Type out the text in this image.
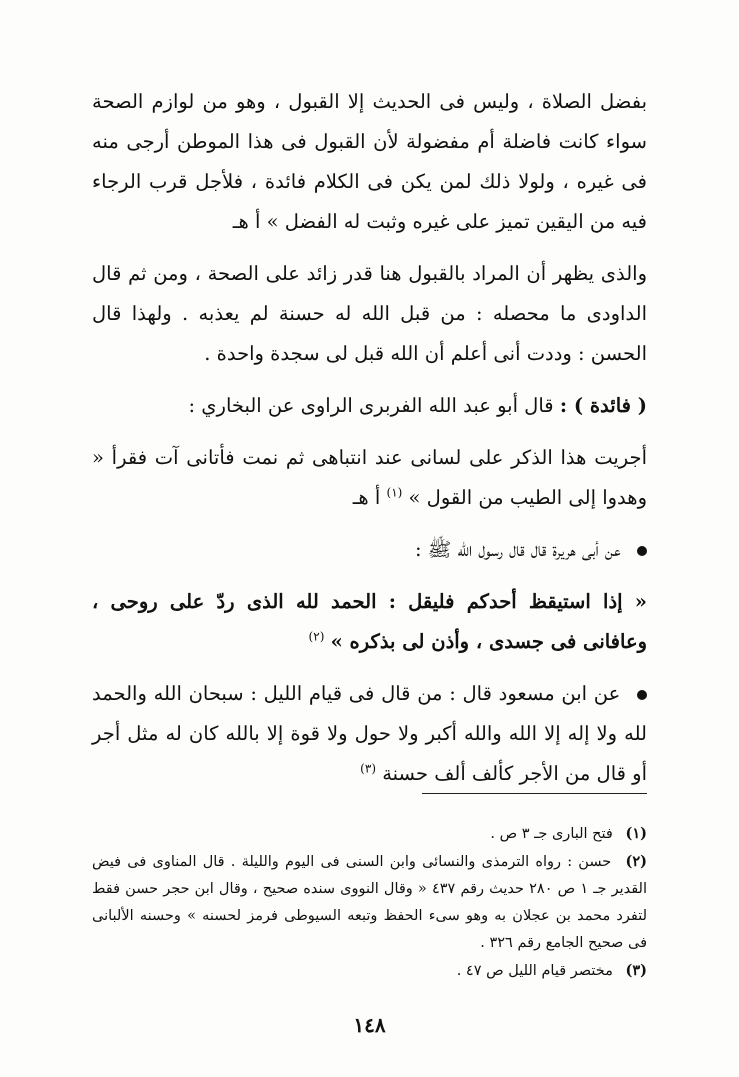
بفضل الصلاة ، وليس فى الحديث إلا القبول ، وهو من لوازم الصحة سواء كانت فاضلة أم مفضولة لأن القبول فى هذا الموطن أرجى منه فى غيره ، ولولا ذلك لمن يكن فى الكلام فائدة ، فلأجل قرب الرجاء فيه من اليقين تميز على غيره وثبت له الفضل » أ هـ

والذى يظهر أن المراد بالقبول هنا قدر زائد على الصحة ، ومن ثم قال الداودى ما محصله : من قبل الله له حسنة لم يعذبه . ولهذا قال الحسن : وددت أنى أعلم أن الله قبل لى سجدة واحدة .

( فائدة ) : قال أبو عبد الله الفربرى الراوى عن البخاري :

أجريت هذا الذكر على لسانى عند انتباهى ثم نمت فأتانى آت فقرأ « وهدوا إلى الطيب من القول » $^{(١)}$ أ هـ

عن أبى هريرة قال قال رسول الله ﷺ :

« إذا استيقظ أحدكم فليقل : الحمد لله الذى ردّ على روحى ، وعافانى فى جسدى ، وأذن لى بذكره » $^{(٢)}$

عن ابن مسعود قال : من قال فى قيام الليل : سبحان الله والحمد لله ولا إله إلا الله والله أكبر ولا حول ولا قوة إلا بالله كان له مثل أجر أو قال من الأجر كألف ألف حسنة $^{(٣)}$

(١) فتح البارى جـ ٣ ص .

(٢) حسن : رواه الترمذى والنسائى وابن السنى فى اليوم والليلة . قال المناوى فى فيض القدير جـ ١ ص ٢٨٠ حديث رقم ٤٣٧ « وقال النووى سنده صحيح ، وقال ابن حجر حسن فقط لتفرد محمد بن عجلان به وهو سىء الحفظ وتبعه السيوطى فرمز لحسنه » وحسنه الألبانى فى صحيح الجامع رقم ٣٢٦ .

(٣) مختصر قيام الليل ص ٤٧ .

١٤٨
